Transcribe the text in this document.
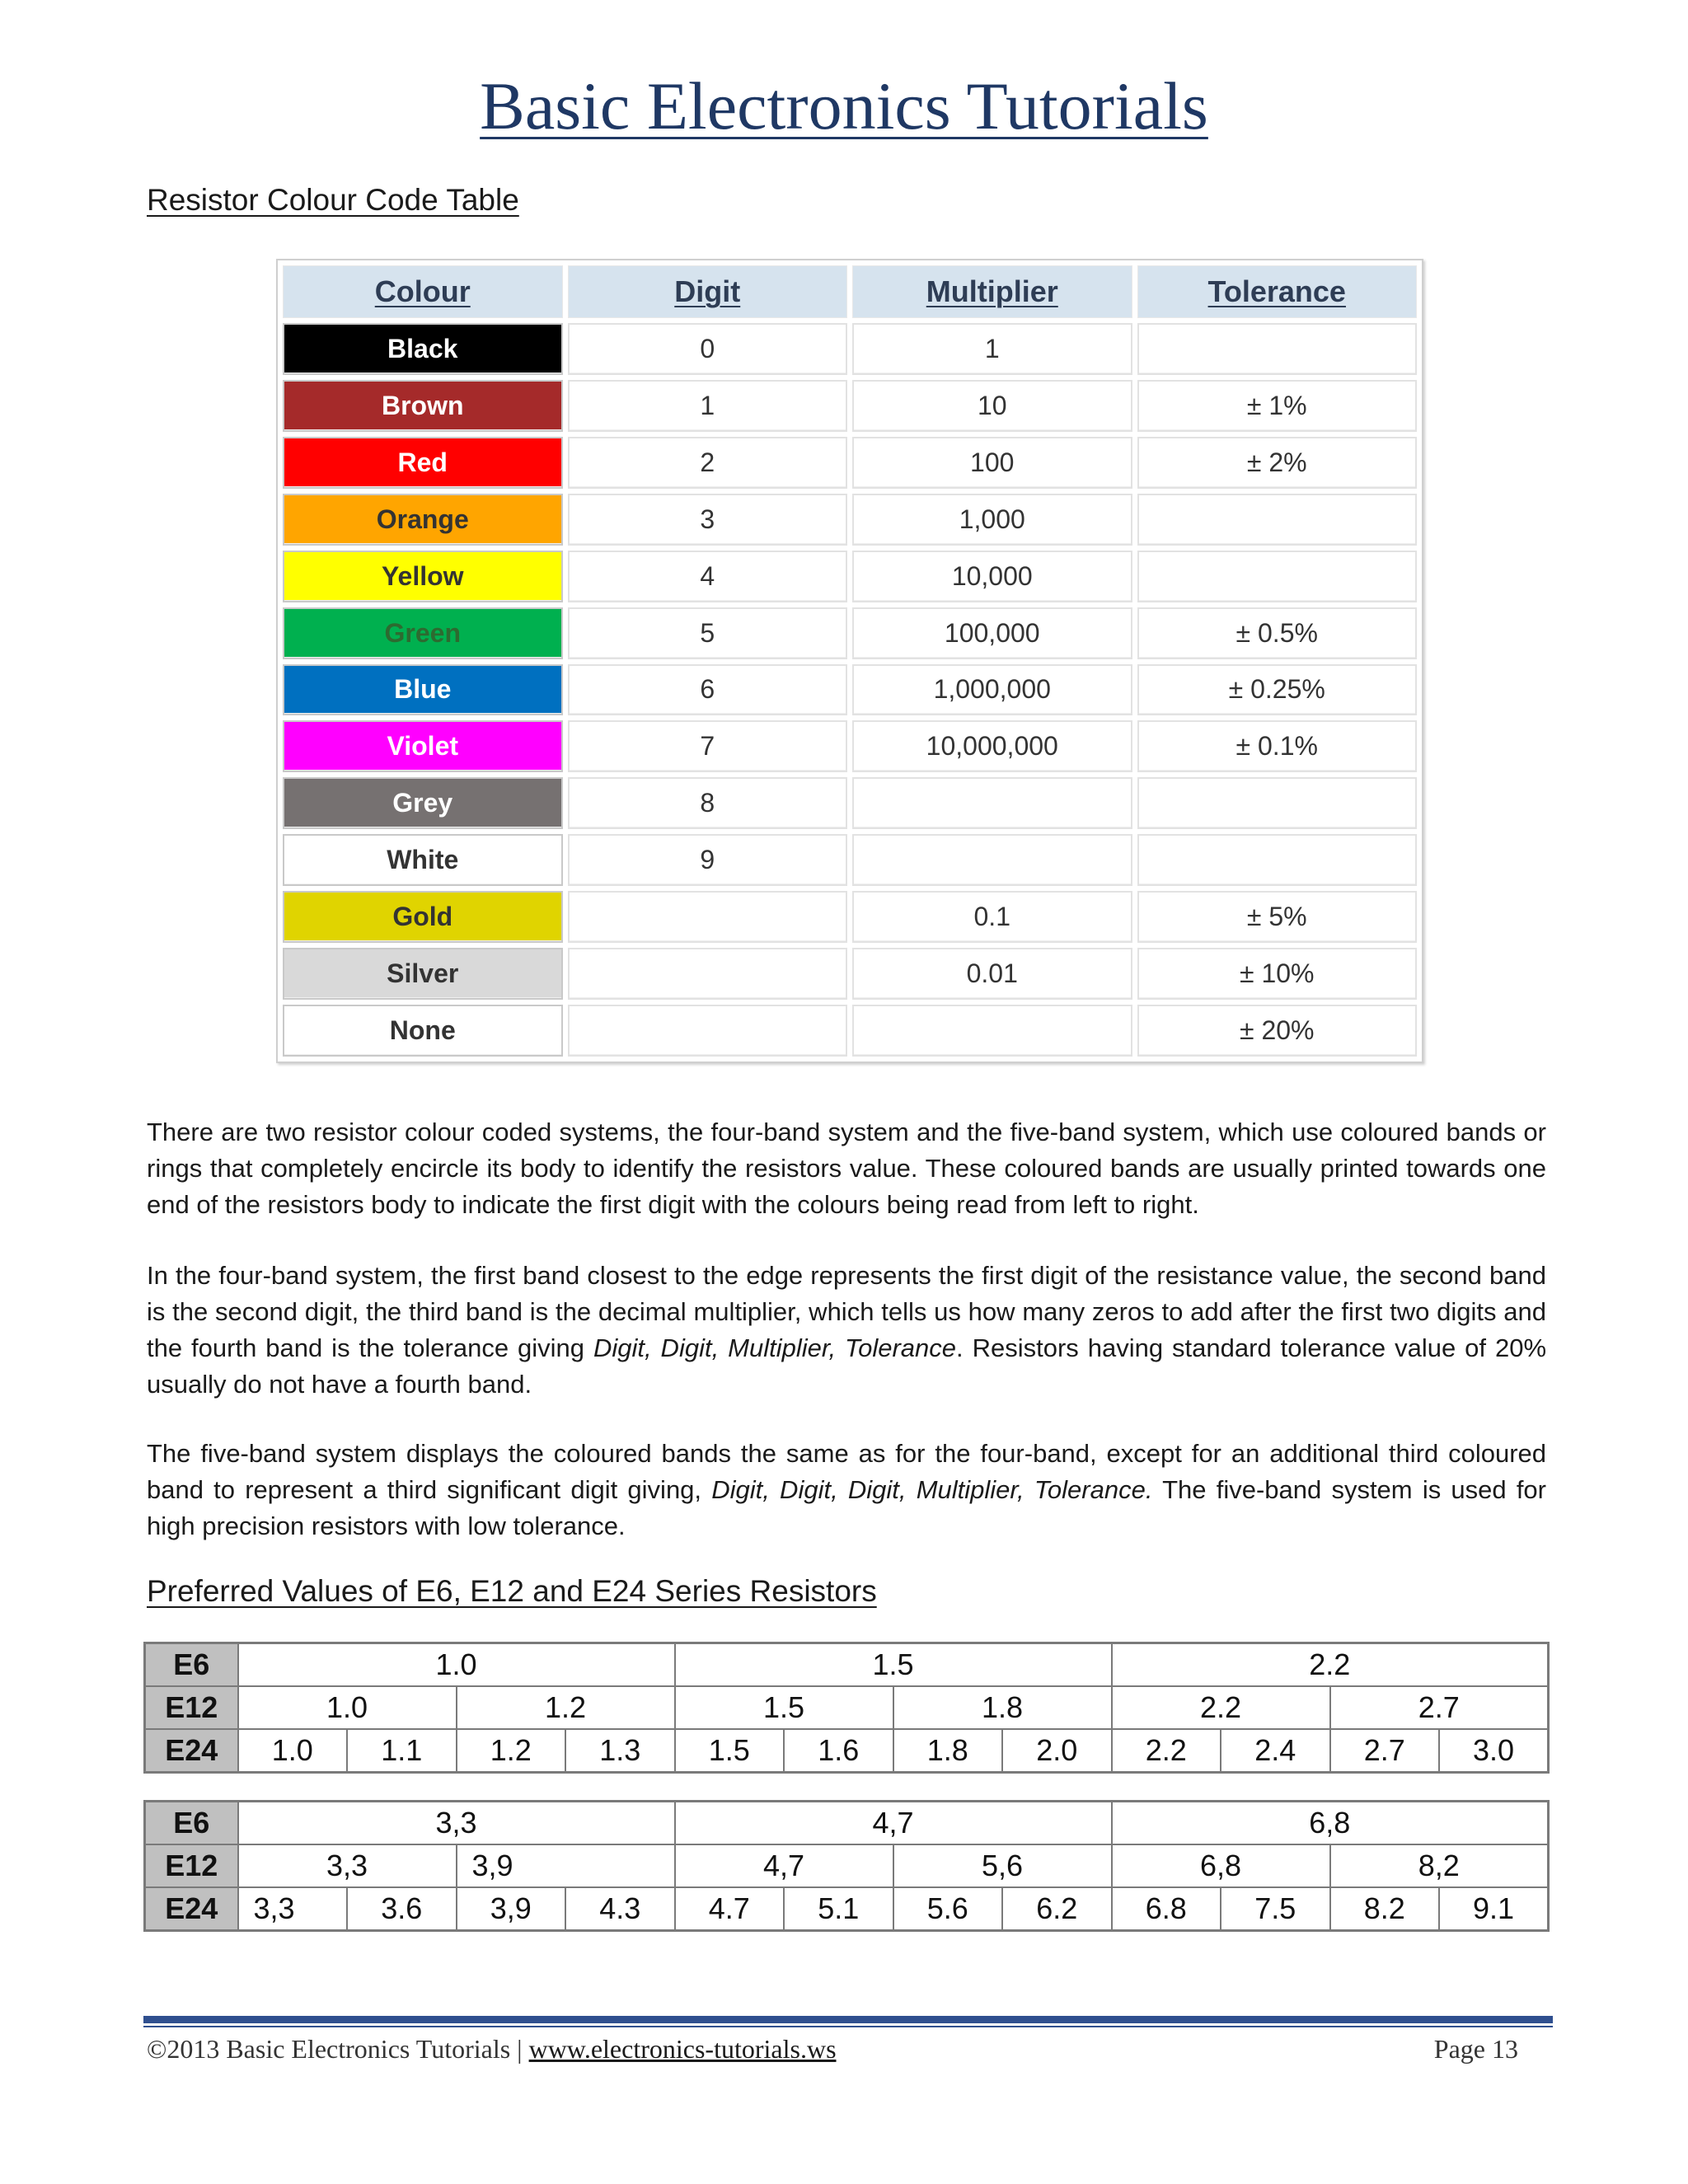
Basic Electronics Tutorials
Resistor Colour Code Table
Colour	Digit	Multiplier	Tolerance
Black	0	1	
Brown	1	10	± 1%
Red	2	100	± 2%
Orange	3	1,000	
Yellow	4	10,000	
Green	5	100,000	± 0.5%
Blue	6	1,000,000	± 0.25%
Violet	7	10,000,000	± 0.1%
Grey	8		
White	9		
Gold		0.1	± 5%
Silver		0.01	± 10%
None			± 20%
There are two resistor colour coded systems, the four-band system and the five-band system, which use coloured bands or rings that completely encircle its body to identify the resistors value. These coloured bands are usually printed towards one end of the resistors body to indicate the first digit with the colours being read from left to right.
In the four-band system, the first band closest to the edge represents the first digit of the resistance value, the second band is the second digit, the third band is the decimal multiplier, which tells us how many zeros to add after the first two digits and the fourth band is the tolerance giving Digit, Digit, Multiplier, Tolerance. Resistors having standard tolerance value of 20% usually do not have a fourth band.
The five-band system displays the coloured bands the same as for the four-band, except for an additional third coloured band to represent a third significant digit giving, Digit, Digit, Digit, Multiplier, Tolerance. The five-band system is used for high precision resistors with low tolerance.
Preferred Values of E6, E12 and E24 Series Resistors
E6	1.0				1.5				2.2			
E12	1.0		1.2		1.5		1.8		2.2		2.7	
E24	1.0	1.1	1.2	1.3	1.5	1.6	1.8	2.0	2.2	2.4	2.7	3.0
E6	3,3				4,7				6,8			
E12	3,3		3,9		4,7		5,6		6,8		8,2	
E24	3,3	3.6	3,9	4.3	4.7	5.1	5.6	6.2	6.8	7.5	8.2	9.1
©2013 Basic Electronics Tutorials | www.electronics-tutorials.ws	Page 13
